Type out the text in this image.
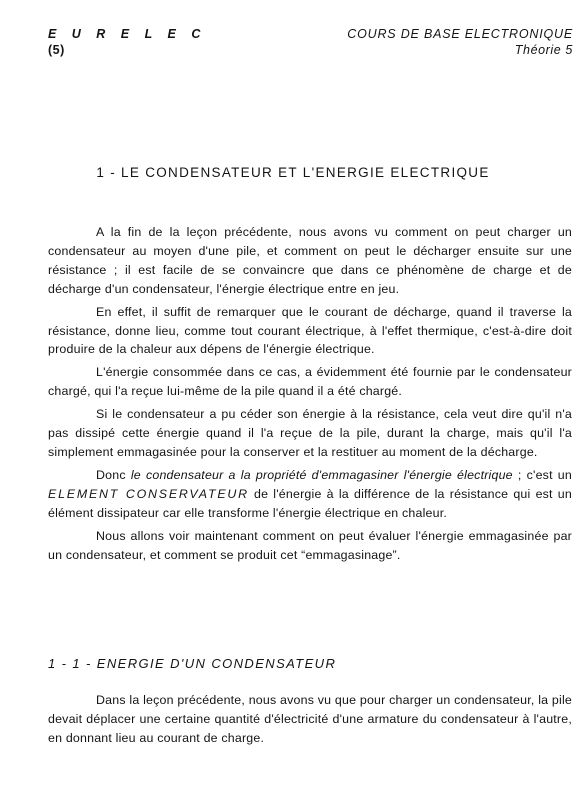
E U R E L E C
(5)
COURS DE BASE ELECTRONIQUE
Théorie 5
1 - LE CONDENSATEUR ET L'ENERGIE ELECTRIQUE

A la fin de la leçon précédente, nous avons vu comment on peut charger un condensateur au moyen d'une pile, et comment on peut le décharger ensuite sur une résistance ; il est facile de se convaincre que dans ce phénomène de charge et de décharge d'un condensateur, l'énergie électrique entre en jeu.

En effet, il suffit de remarquer que le courant de décharge, quand il traverse la résistance, donne lieu, comme tout courant électrique, à l'effet thermique, c'est-à-dire doit produire de la chaleur aux dépens de l'énergie électrique.

L'énergie consommée dans ce cas, a évidemment été fournie par le condensateur chargé, qui l'a reçue lui-même de la pile quand il a été chargé.

Si le condensateur a pu céder son énergie à la résistance, cela veut dire qu'il n'a pas dissipé cette énergie quand il l'a reçue de la pile, durant la charge, mais qu'il l'a simplement emmagasinée pour la conserver et la restituer au moment de la décharge.

Donc le condensateur a la propriété d'emmagasiner l'énergie électrique ; c'est un ELEMENT CONSERVATEUR de l'énergie à la différence de la résistance qui est un élément dissipateur car elle transforme l'énergie électrique en chaleur.

Nous allons voir maintenant comment on peut évaluer l'énergie emmagasinée par un condensateur, et comment se produit cet “emmagasinage”.

1 - 1 - ENERGIE D'UN CONDENSATEUR

Dans la leçon précédente, nous avons vu que pour charger un condensateur, la pile devait déplacer une certaine quantité d'électricité d'une armature du condensateur à l'autre, en donnant lieu au courant de charge.
